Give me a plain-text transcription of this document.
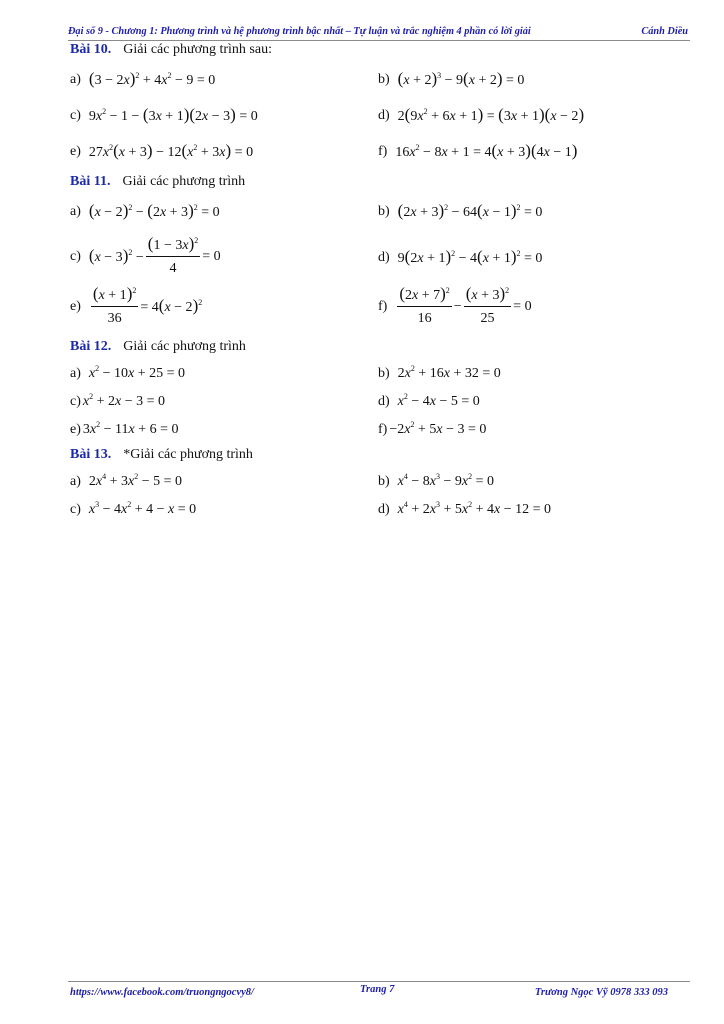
Đại số 9 - Chương 1: Phương trình và hệ phương trình bậc nhất – Tự luận và trắc nghiệm 4 phần có lời giải	Cánh Diều
Bài 10. Giải các phương trình sau:
a) $(3 - 2x)^2 + 4x^2 - 9 = 0$	b) $(x + 2)^3 - 9(x + 2) = 0$
c) $9x^2 - 1 - (3x + 1)(2x - 3) = 0$	d) $2(9x^2 + 6x + 1) = (3x + 1)(x - 2)$
e) $27x^2(x + 3) - 12(x^2 + 3x) = 0$	f) $16x^2 - 8x + 1 = 4(x + 3)(4x - 1)$
Bài 11. Giải các phương trình
a) $(x - 2)^2 - (2x + 3)^2 = 0$	b) $(2x + 3)^2 - 64(x - 1)^2 = 0$
c) $(x - 3)^2 - \frac{(1 - 3x)^2}{4} = 0$	d) $9(2x + 1)^2 - 4(x + 1)^2 = 0$
$e) \frac{(x + 1)^2}{36} = 4(x - 2)^2$	$f) \frac{(2x + 7)^2}{16} - \frac{(x + 3)^2}{25} = 0$
Bài 12. Giải các phương trình
a) $x^2 - 10x + 25 = 0$	b) $2x^2 + 16x + 32 = 0$
c) $x^2 + 2x - 3 = 0$	d) $x^2 - 4x - 5 = 0$
e) $3x^2 - 11x + 6 = 0$	$f) -2x^2 + 5x - 3 = 0$
Bài 13. *Giải các phương trình
a) $2x^4 + 3x^2 - 5 = 0$	b) $x^4 - 8x^3 - 9x^2 = 0$
c) $x^3 - 4x^2 + 4 - x = 0$	d) $x^4 + 2x^3 + 5x^2 + 4x - 12 = 0$
https://www.facebook.com/truongngocvy8/	Trang 7	Trương Ngọc Vỹ 0978 333 093
